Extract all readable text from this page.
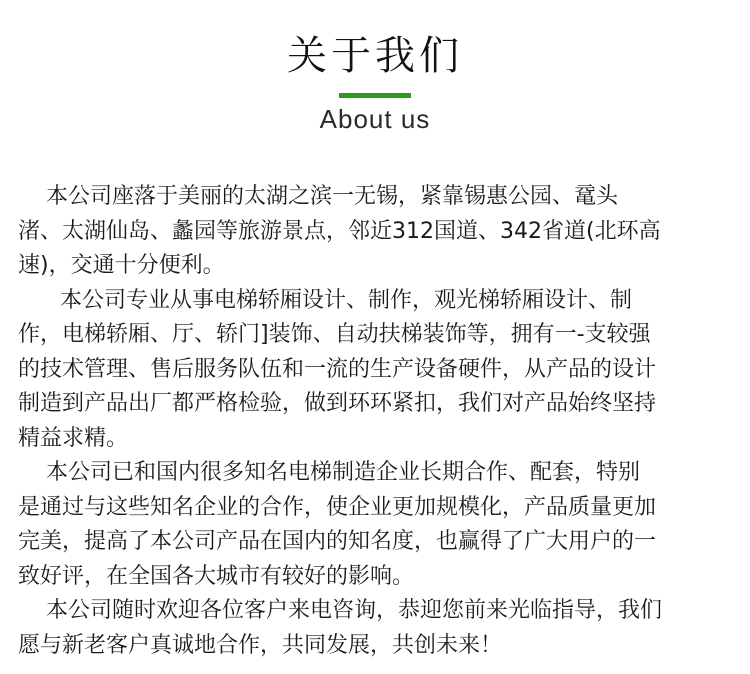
关于我们
About us
本公司座落于美丽的太湖之滨一无锡，紧靠锡惠公园、鼋头
渚、太湖仙岛、蠡园等旅游景点，邻近312国道、342省道(北环高
速)，交通十分便利。
本公司专业从事电梯轿厢设计、制作，观光梯轿厢设计、制
作，电梯轿厢、厅、轿门]装饰、自动扶梯装饰等，拥有一-支较强
的技术管理、售后服务队伍和一流的生产设备硬件，从产品的设计
制造到产品出厂都严格检验，做到环环紧扣，我们对产品始终坚持
精益求精。
本公司已和国内很多知名电梯制造企业长期合作、配套，特别
是通过与这些知名企业的合作，使企业更加规模化，产品质量更加
完美，提高了本公司产品在国内的知名度，也赢得了广大用户的一
致好评，在全国各大城市有较好的影响。
本公司随时欢迎各位客户来电咨询，恭迎您前来光临指导，我们
愿与新老客户真诚地合作，共同发展，共创未来！
